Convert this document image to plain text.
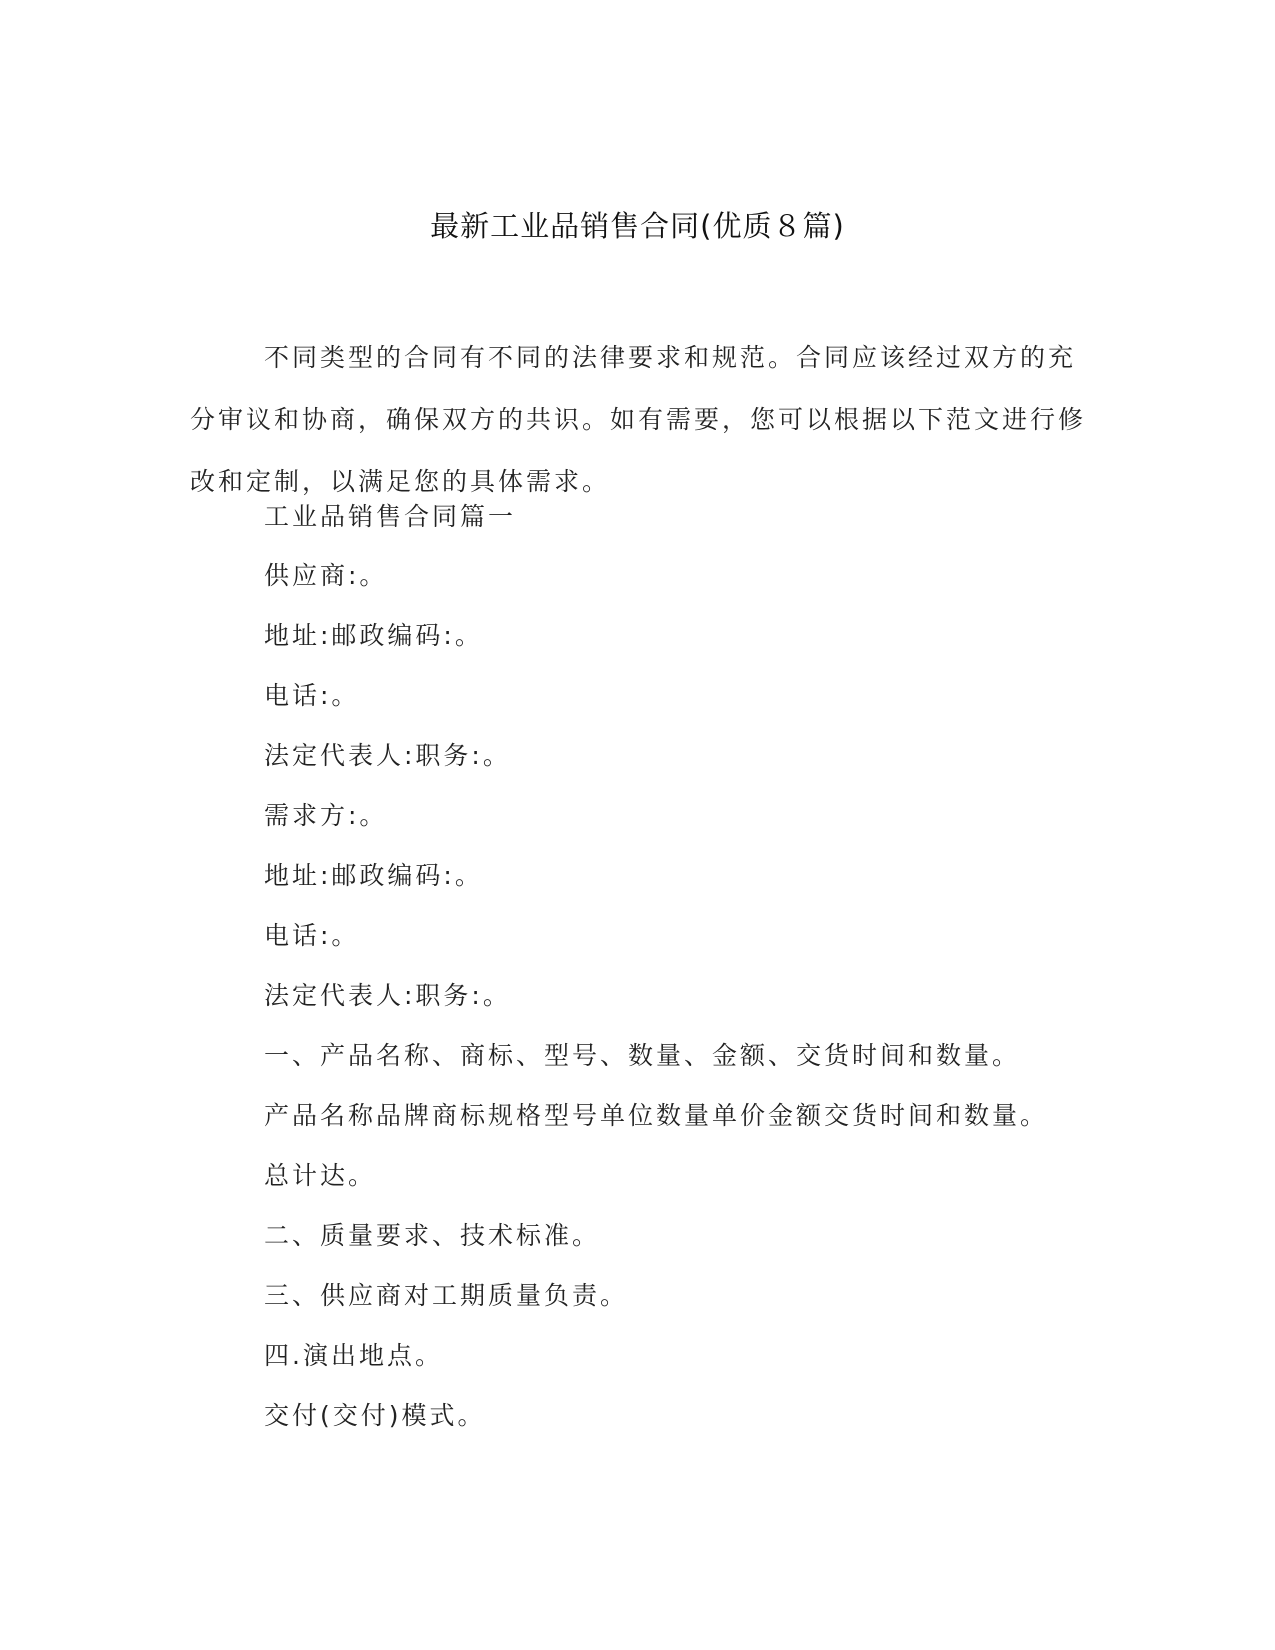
最新工业品销售合同(优质８篇)

不同类型的合同有不同的法律要求和规范。合同应该经过双方的充分审议和协商，确保双方的共识。如有需要，您可以根据以下范文进行修改和定制，以满足您的具体需求。

工业品销售合同篇一

供应商:。

地址:邮政编码:。

电话:。

法定代表人:职务:。

需求方:。

地址:邮政编码:。

电话:。

法定代表人:职务:。

一、产品名称、商标、型号、数量、金额、交货时间和数量。

产品名称品牌商标规格型号单位数量单价金额交货时间和数量。

总计达。

二、质量要求、技术标准。

三、供应商对工期质量负责。

四.演出地点。

交付(交付)模式。
